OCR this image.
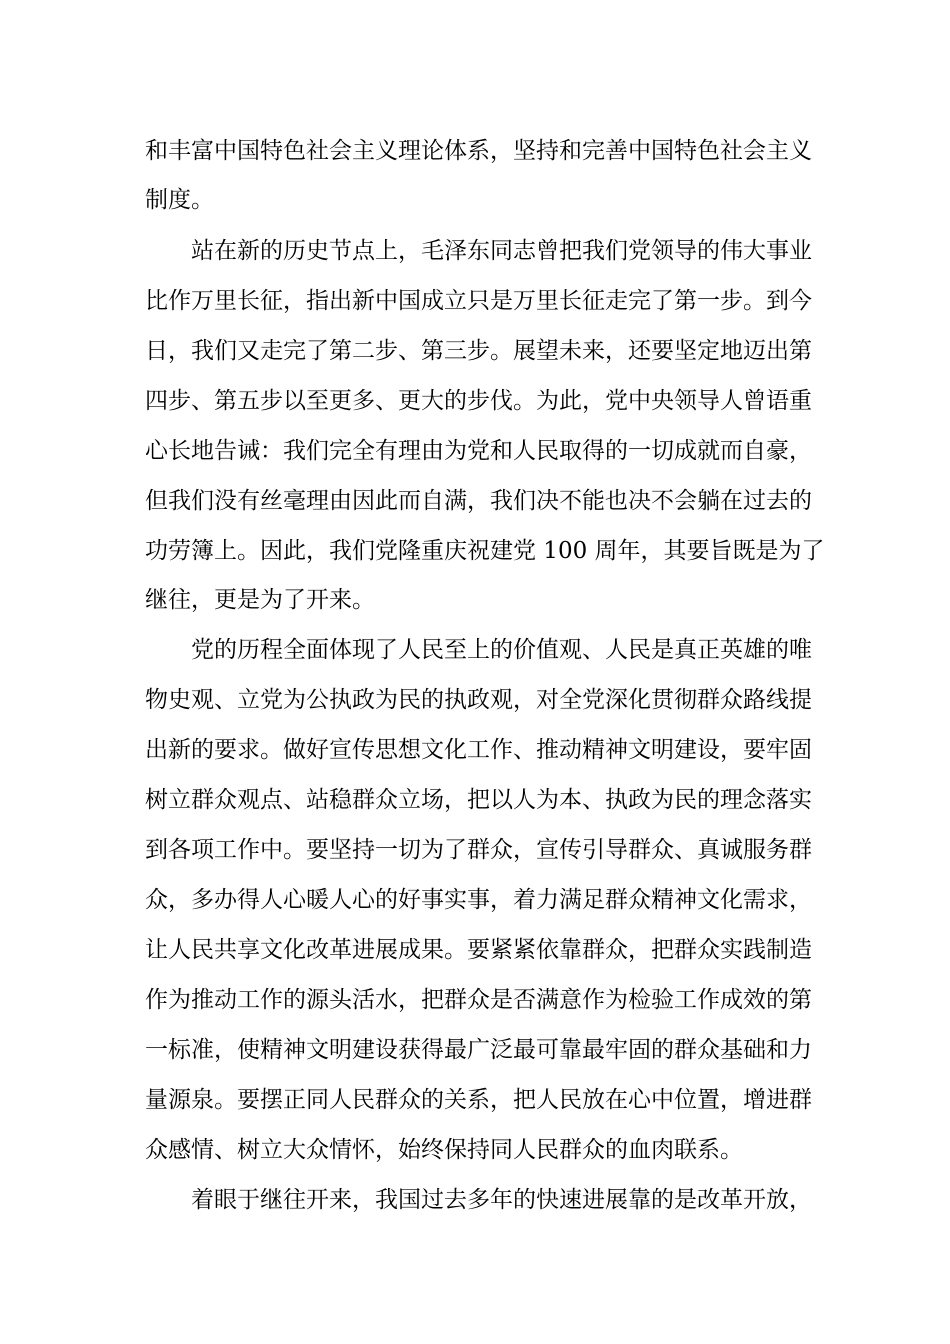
和丰富中国特色社会主义理论体系，坚持和完善中国特色社会主义
制度。
站在新的历史节点上，毛泽东同志曾把我们党领导的伟大事业
比作万里长征，指出新中国成立只是万里长征走完了第一步。到今
日，我们又走完了第二步、第三步。展望未来，还要坚定地迈出第
四步、第五步以至更多、更大的步伐。为此，党中央领导人曾语重
心长地告诫：我们完全有理由为党和人民取得的一切成就而自豪，
但我们没有丝毫理由因此而自满，我们决不能也决不会躺在过去的
功劳簿上。因此，我们党隆重庆祝建党 100 周年，其要旨既是为了
继往，更是为了开来。
党的历程全面体现了人民至上的价值观、人民是真正英雄的唯
物史观、立党为公执政为民的执政观，对全党深化贯彻群众路线提
出新的要求。做好宣传思想文化工作、推动精神文明建设，要牢固
树立群众观点、站稳群众立场，把以人为本、执政为民的理念落实
到各项工作中。要坚持一切为了群众，宣传引导群众、真诚服务群
众，多办得人心暖人心的好事实事，着力满足群众精神文化需求，
让人民共享文化改革进展成果。要紧紧依靠群众，把群众实践制造
作为推动工作的源头活水，把群众是否满意作为检验工作成效的第
一标准，使精神文明建设获得最广泛最可靠最牢固的群众基础和力
量源泉。要摆正同人民群众的关系，把人民放在心中位置，增进群
众感情、树立大众情怀，始终保持同人民群众的血肉联系。
着眼于继往开来，我国过去多年的快速进展靠的是改革开放，
